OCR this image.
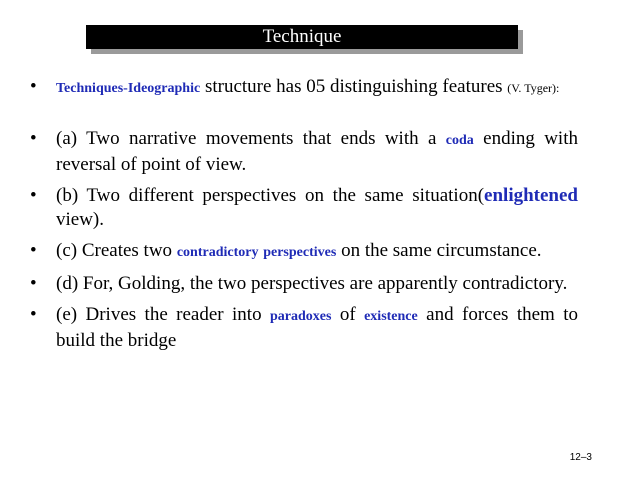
Technique
• Techniques-Ideographic structure has 05 distinguishing features (V. Tyger):
• (a) Two narrative movements that ends with a coda ending with reversal of point of view.
• (b) Two different perspectives on the same situation(enlightened view).
• (c) Creates two contradictory perspectives on the same circumstance.
• (d) For, Golding, the two perspectives are apparently contradictory.
• (e) Drives the reader into paradoxes of existence and forces them to build the bridge
12–3
